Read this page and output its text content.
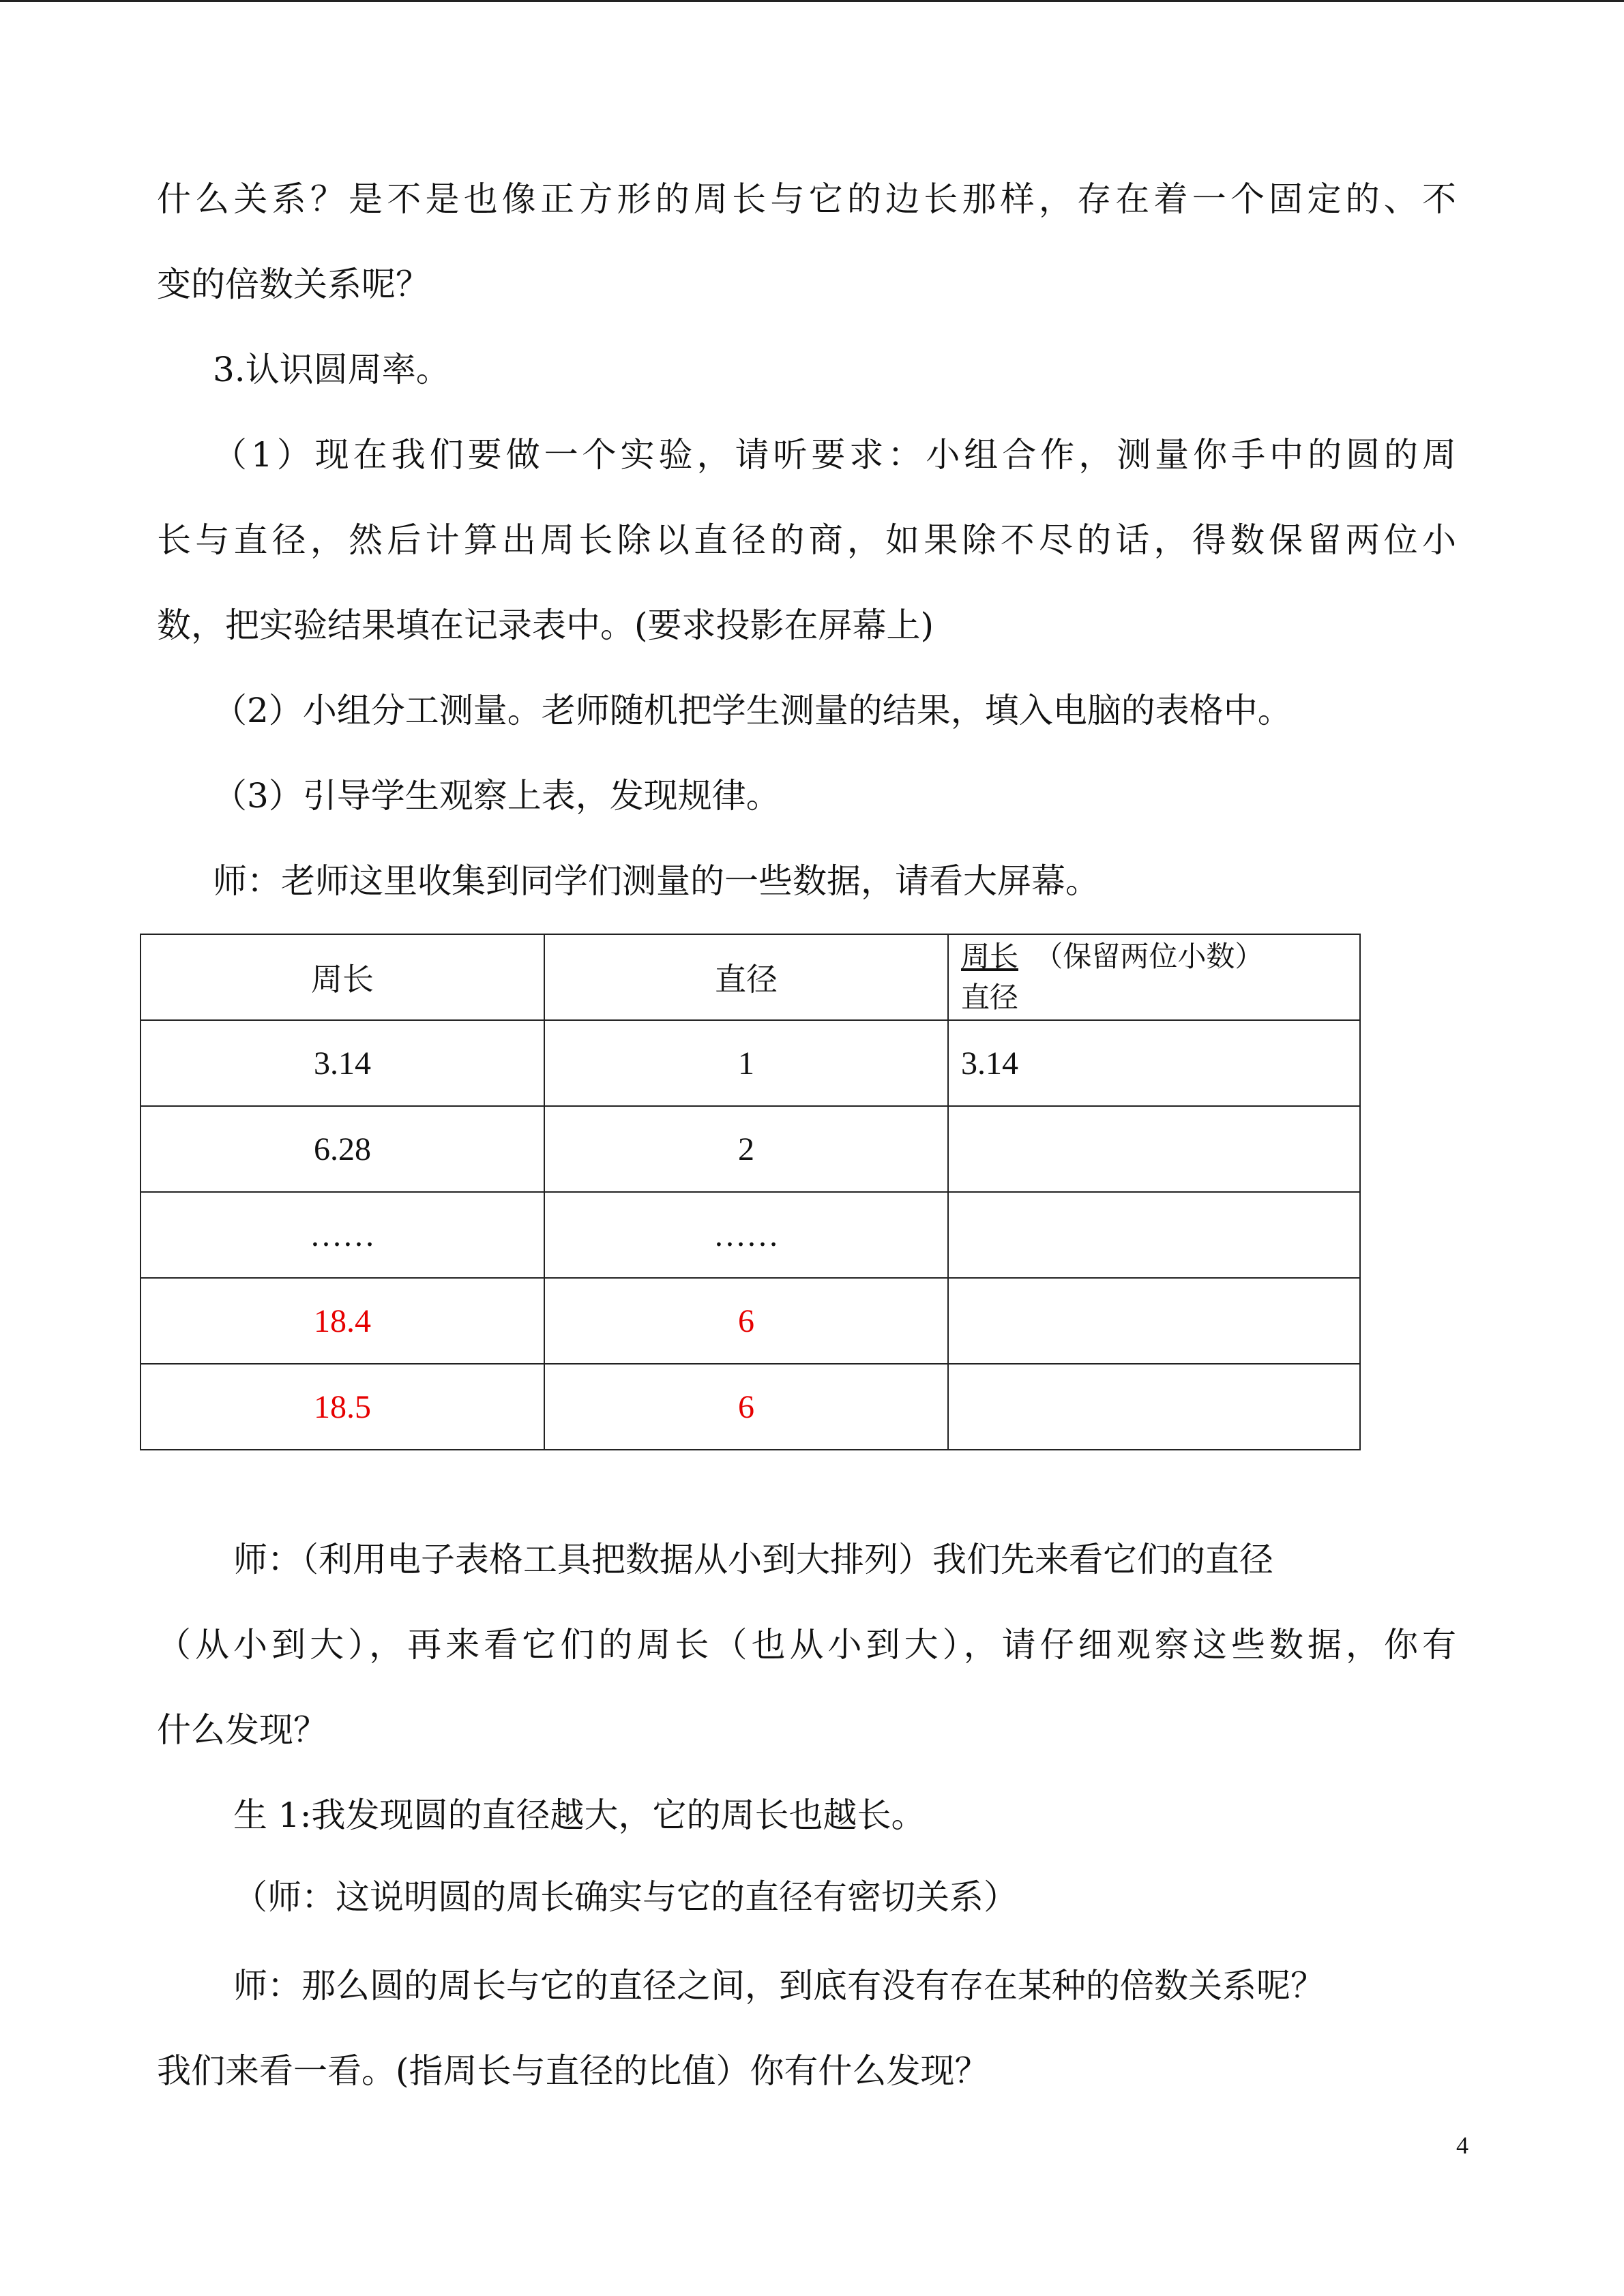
什么关系？是不是也像正方形的周长与它的边长那样，存在着一个固定的、不

变的倍数关系呢？

3.认识圆周率。

（1）现在我们要做一个实验，请听要求：小组合作，测量你手中的圆的周

长与直径，然后计算出周长除以直径的商，如果除不尽的话，得数保留两位小

数，把实验结果填在记录表中。(要求投影在屏幕上)

（2）小组分工测量。老师随机把学生测量的结果，填入电脑的表格中。

（3）引导学生观察上表，发现规律。

师：老师这里收集到同学们测量的一些数据，请看大屏幕。

周长	直径	周长 （保留两位小数）
直径
3.14	1	3.14
6.28	2	
……	……	
18.4	6	
18.5	6	

师：（利用电子表格工具把数据从小到大排列）我们先来看它们的直径

（从小到大），再来看它们的周长（也从小到大），请仔细观察这些数据，你有

什么发现？

生 1:我发现圆的直径越大，它的周长也越长。

（师：这说明圆的周长确实与它的直径有密切关系）

师：那么圆的周长与它的直径之间，到底有没有存在某种的倍数关系呢？

我们来看一看。(指周长与直径的比值）你有什么发现？

4
